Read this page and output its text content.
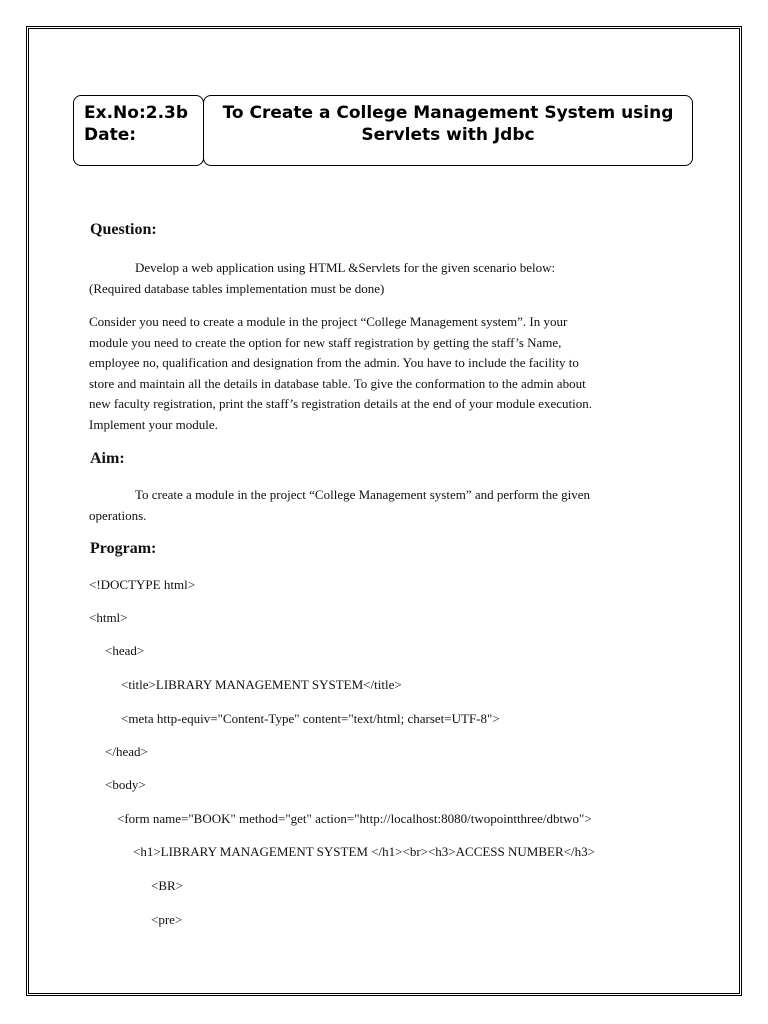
Ex.No:2.3b
Date:
To Create a College Management System using
Servlets with Jdbc
Question:
Develop a web application using HTML &Servlets for the given scenario below:
(Required database tables implementation must be done)
Consider you need to create a module in the project “College Management system”. In your
module you need to create the option for new staff registration by getting the staff’s Name,
employee no, qualification and designation from the admin. You have to include the facility to
store and maintain all the details in database table. To give the conformation to the admin about
new faculty registration, print the staff’s registration details at the end of your module execution.
Implement your module.
Aim:
To create a module in the project “College Management system” and perform the given
operations.
Program:
<!DOCTYPE html>
<html>
<head>
<title>LIBRARY MANAGEMENT SYSTEM</title>
<meta http-equiv="Content-Type" content="text/html; charset=UTF-8">
</head>
<body>
<form name="BOOK" method="get" action="http://localhost:8080/twopointthree/dbtwo">
<h1>LIBRARY MANAGEMENT SYSTEM </h1><br><h3>ACCESS NUMBER</h3>
<BR>
<pre>
